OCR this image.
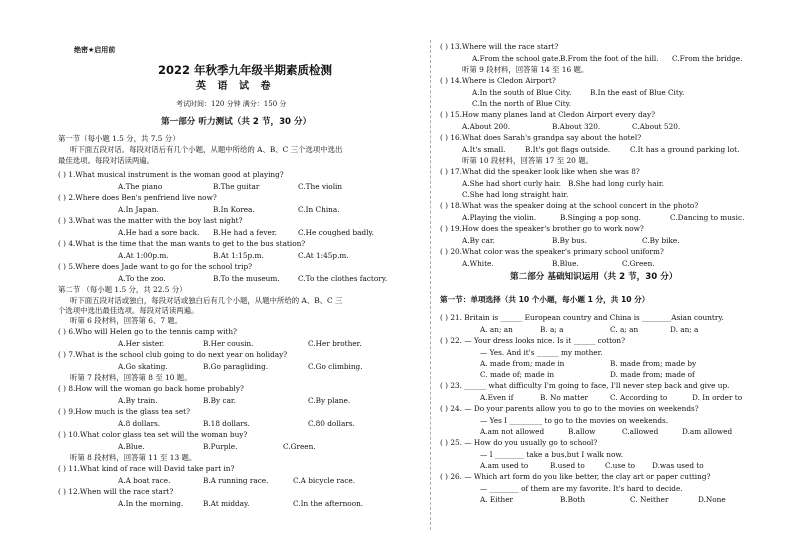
绝密★启用前
2022 年秋季九年级半期素质检测
英 语 试 卷
考试时间：120 分钟 满分：150 分
第一部分 听力测试（共 2 节，30 分）
第一节（每小题 1.5 分，共 7.5 分）
听下面五段对话。每段对话后有几个小题，从题中所给的 A、B、C 三个选项中选出
最佳选项。每段对话读两遍。
( ) 1.What musical instrument is the woman good at playing?
A.The piano	B.The guitar	C.The violin
( ) 2.Where does Ben's penfriend live now?
A.In Japan.	B.In Korea.	C.In China.
( ) 3.What was the matter with the boy last night?
A.He had a sore back. B.He had a fever.	C.He coughed badly.
( ) 4.What is the time that the man wants to get to the bus station?
A.At 1:00p.m.	B.At 1:15p.m.	C.At 1:45p.m.
( ) 5.Where does Jade want to go for the school trip?
A.To the zoo.	B.To the museum.	C.To the clothes factory.
第二节 （每小题 1.5 分，共 22.5 分）
听下面五段对话或独白，每段对话或独白后有几个小题，从题中所给的 A、B、C 三
个选项中选出最佳选项。每段对话读两遍。
听第 6 段材料，回答第 6、7 题。
( ) 6.Who will Helen go to the tennis camp with?
A.Her sister.	B.Her cousin.	C.Her brother.
( ) 7.What is the school club going to do next year on holiday?
A.Go skating.	B.Go paragliding.	C.Go climbing.
听第 7 段材料，回答第 8 至 10 题。
( ) 8.How will the woman go back home probably?
A.By train.	B.By car.	C.By plane.
( ) 9.How much is the glass tea set?
A.8 dollars.	B.18 dollars.	C.80 dollars.
( ) 10.What color glass tea set will the woman buy?
A.Blue.	B.Purple.	C.Green.
听第 8 段材料，回答第 11 至 13 题。
( ) 11.What kind of race will David take part in?
A.A boat race.	B.A running race.	C.A bicycle race.
( ) 12.When will the race start?
A.In the morning.	B.At midday.	C.In the afternoon.
( ) 13.Where will the race start?
A.From the school gate. B.From the foot of the hill. C.From the bridge.
听第 9 段材料，回答第 14 至 16 题。
( ) 14.Where is Cledon Airport?
A.In the south of Blue City.	B.In the east of Blue City.
C.In the north of Blue City.
( ) 15.How many planes land at Cledon Airport every day?
A.About 200.	B.About 320.	C.About 520.
( ) 16.What does Sarah's grandpa say about the hotel?
A.It's small.	B.It's got flags outside.	C.It has a ground parking lot.
听第 10 段材料，回答第 17 至 20 题。
( ) 17.What did the speaker look like when she was 8?
A.She had short curly hair. B.She had long curly hair.
C.She had long straight hair.
( ) 18.What was the speaker doing at the school concert in the photo?
A.Playing the violin.	B.Singing a pop song.	C.Dancing to music.
( ) 19.How does the speaker's brother go to work now?
A.By car.	B.By bus.	C.By bike.
( ) 20.What color was the speaker's primary school uniform?
A.White.	B.Blue.	C.Green.
第二部分 基础知识运用（共 2 节，30 分）
第一节：单项选择（共 10 个小题，每小题 1 分，共 10 分）
( ) 21. Britain is ______ European country and China is ________Asian country.
A. an; an	B. a; a	C. a; an	D. an; a
( ) 22. — Your dress looks nice. Is it ______ cotton?
— Yes. And it's ______ my mother.
A. made from; made in	B. made from; made by
C. made of; made in	D. made from; made of
( ) 23. ______ what difficulty I'm going to face, I'll never step back and give up.
A.Even if	B. No matter	C. According to	D. In order to
( ) 24. — Do your parents allow you to go to the movies on weekends?
— Yes I _________ to go to the movies on weekends.
A.am not allowed	B.allow	C.allowed	D.am allowed
( ) 25. — How do you usually go to school?
— I ________ take a bus,but I walk now.
A.am used to	B.used to	C.use to D.was used to
( ) 26. — Which art form do you like better, the clay art or paper cutting?
— ________ of them are my favorite. It's hard to decide.
A. Either	B.Both	C. Neither	D.None
